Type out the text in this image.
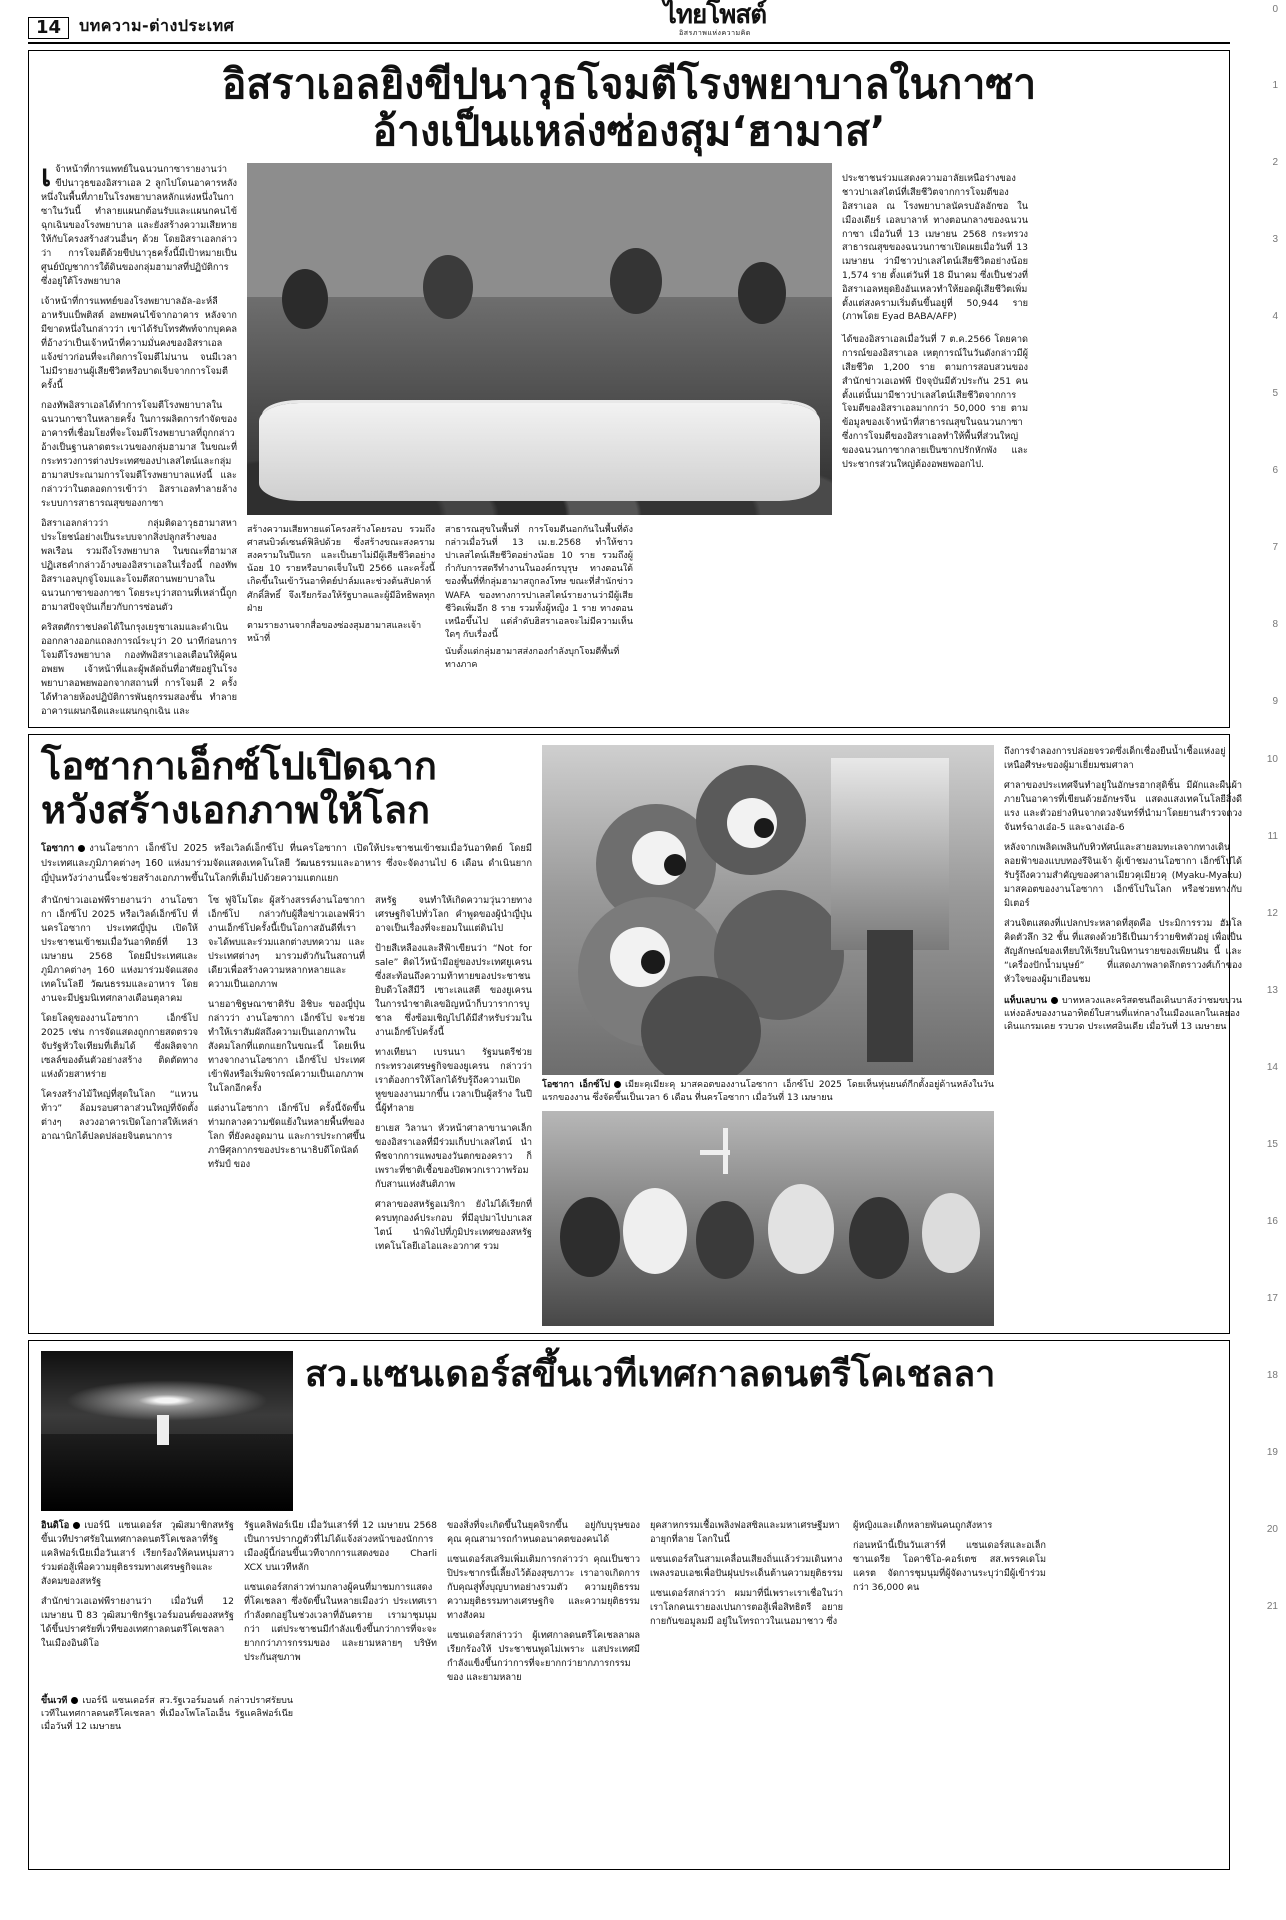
0
1
2
3
4
5
6
7
8
9
10
11
12
13
14
15
16
17
18
19
20
21
14	บทความ-ต่างประเทศ	ไทยโพสต์
อิสรภาพแห่งความคิด
อิสราเอลยิงขีปนาวุธโจมตีโรงพยาบาลในกาซา
อ้างเป็นแหล่งซ่องสุม‘ฮามาส’

เจ้าหน้าที่การแพทย์ในฉนวนกาซารายงานว่า ขีปนาวุธของอิสราเอล 2 ลูกไปโดนอาคารหลังหนึ่งในพื้นที่ภายในโรงพยาบาลหลักแห่งหนึ่งในกาซาในวันนี้ ทำลายแผนกต้อนรับและแผนกคนไข้ฉุกเฉินของโรงพยาบาล และยังสร้างความเสียหายให้กับโครงสร้างส่วนอื่นๆ ด้วย โดยอิสราเอลกล่าวว่า การโจมตีด้วยขีปนาวุธครั้งนี้มีเป้าหมายเป็นศูนย์บัญชาการใต้ดินของกลุ่มฮามาสที่ปฏิบัติการซึ่งอยู่ใต้โรงพยาบาล

เจ้าหน้าที่การแพทย์ของโรงพยาบาลอัล-อะห์ลี อาหรับแบ็พติสต์ อพยพคนไข้จากอาคาร หลังจากมีขาดหนึ่งในกล่าวว่า เขาได้รับโทรศัพท์จากบุคคลที่อ้างว่าเป็นเจ้าหน้าที่ความมั่นคงของอิสราเอล แจ้งข่าวก่อนที่จะเกิดการโจมตีไม่นาน จนมีเวลาไม่มีรายงานผู้เสียชีวิตหรือบาดเจ็บจากการโจมตีครั้งนี้

กองทัพอิสราเอลได้ทำการโจมตีโรงพยาบาลในฉนวนกาซาในหลายครั้ง ในการผลิตการกำจัดของอาคารที่เชื่อมโยงที่จะโจมตีโรงพยาบาลที่ถูกกล่าวอ้างเป็นฐานลาดตระเวนของกลุ่มฮามาส ในขณะที่กระทรวงการต่างประเทศของปาเลสไตน์และกลุ่มฮามาสประณามการโจมตีโรงพยาบาลแห่งนี้ และกล่าวว่าในตลอดการเข้าว่า อิสราเอลทำลายล้างระบบการสาธารณสุขของกาซา

อิสราเอลกล่าวว่า กลุ่มติดอาวุธฮามาสหาประโยชน์อย่างเป็นระบบจากสิ่งปลูกสร้างของพลเรือน รวมถึงโรงพยาบาล ในขณะที่ฮามาสปฏิเสธคำกล่าวอ้างของอิสราเอลในเรื่องนี้ กองทัพอิสราเอลบุกจู่โจมและโจมตีสถานพยาบาลในฉนวนกาซาของกาซา โดยระบุว่าสถานที่เหล่านี้ถูกฮามาสปัจจุบันเกี่ยวกับการซ่อนตัว

คริสตศักราชปลดได้ในกรุงเยรูซาเลมและดำเนินออกกลางออกแถลงการณ์ระบุว่า 20 นาทีก่อนการโจมตีโรงพยาบาล กองทัพอิสราเอลเตือนให้ผู้คนอพยพ เจ้าหน้าที่และผู้พลัดถิ่นที่อาศัยอยู่ในโรงพยาบาลอพยพออกจากสถานที่ การโจมตี 2 ครั้งได้ทำลายห้องปฏิบัติการพันธุกรรมสองชั้น ทำลายอาคารแผนกฉีดและแผนกฉุกเฉิน และ

สร้างความเสียหายแต่โครงสร้างโดยรอบ รวมถึงศาสนบิวด์เซนต์ฟิลิปด้วย ซึ่งสร้างขณะสงครามสงครามในปีแรก และเป็นยาไม่มีผู้เสียชีวิตอย่างน้อย 10 รายหรือบาดเจ็บในปี 2566 และครั้งนี้เกิดขึ้นในเข้าวันอาทิตย์ปาล์มและช่วงต้นสัปดาห์ศักดิ์สิทธิ์ จึงเรียกร้องให้รัฐบาลและผู้มีอิทธิพลทุกฝ่าย
ตามรายงานจากสื่อของซ่องสุมฮามาสและเจ้าหน้าที่
สาธารณสุขในพื้นที่ การโจมตีนอกกันในพื้นที่ดังกล่าวเมื่อวันที่ 13 เม.ย.2568 ทำให้ชาวปาเลสไตน์เสียชีวิตอย่างน้อย 10 ราย รวมถึงผู้กำกับการสตรีทำงานในองค์กรบุรุษ ทางตอนใต้ของพื้นที่ที่กลุ่มฮามาสถูกลงโทษ ขณะที่สำนักข่าว WAFA ของทางการปาเลสไตน์รายงานว่ามีผู้เสียชีวิตเพิ่มอีก 8 ราย รวมทั้งผู้หญิง 1 ราย ทางตอนเหนือขึ้นไป แต่ลำดับฮิสราเอลจะไม่มีความเห็นใดๆ กับเรื่องนี้
นับตั้งแต่กลุ่มฮามาสส่งกองกำลังบุกโจมตีพื้นที่ทางภาค

ประชาชนร่วมแสดงความอาลัยเหนือร่างของชาวปาเลสไตน์ที่เสียชีวิตจากการโจมตีของอิสราเอล ณ โรงพยาบาลนัครบอัลอักซอ ในเมืองเดียร์ เอลบาลาห์ ทางตอนกลางของฉนวนกาซา เมื่อวันที่ 13 เมษายน 2568 กระทรวงสาธารณสุขของฉนวนกาซาเปิดเผยเมื่อวันที่ 13 เมษายน ว่ามีชาวปาเลสไตน์เสียชีวิตอย่างน้อย 1,574 ราย ตั้งแต่วันที่ 18 มีนาคม ซึ่งเป็นช่วงที่อิสราเอลหยุดยิงอันเหลวทำให้ยอดผู้เสียชีวิตเพิ่มตั้งแต่สงครามเริ่มต้นขึ้นอยู่ที่ 50,944 ราย (ภาพโดย Eyad BABA/AFP)

ได้ของอิสราเอลเมื่อวันที่ 7 ต.ค.2566 โดยคาดการณ์ของอิสราเอล เหตุการณ์ในวันดังกล่าวมีผู้เสียชีวิต 1,200 ราย ตามการสอบสวนของสำนักข่าวเอเอฟพี ปัจจุบันมีตัวประกัน 251 คน ตั้งแต่นั้นมามีชาวปาเลสไตน์เสียชีวิตจากการโจมตีของอิสราเอลมากกว่า 50,000 ราย ตามข้อมูลของเจ้าหน้าที่สาธารณสุขในฉนวนกาซา ซึ่งการโจมตีของอิสราเอลทำให้พื้นที่ส่วนใหญ่ของฉนวนกาซากลายเป็นซากปรักหักพัง และประชากรส่วนใหญ่ต้องอพยพออกไป.

โอซากาเอ็กซ์โปเปิดฉาก
หวังสร้างเอกภาพให้โลก
โอซากา งานโอซากา เอ็กซ์โป 2025 หรือเวิลด์เอ็กซ์โป ที่นครโอซากา เปิดให้ประชาชนเข้าชมเมื่อวันอาทิตย์ โดยมีประเทศและภูมิภาคต่างๆ 160 แห่งมาร่วมจัดแสดงเทคโนโลยี วัฒนธรรมและอาหาร ซึ่งจะจัดงานไป 6 เดือน ดำเนินยากญี่ปุ่นหวังว่างานนี้จะช่วยสร้างเอกภาพขึ้นในโลกที่เต็มไปด้วยความแตกแยก

สำนักข่าวเอเอฟพีรายงานว่า งานโอซากา เอ็กซ์โป 2025 หรือเวิลด์เอ็กซ์โป ที่นครโอซากา ประเทศญี่ปุ่น เปิดให้ประชาชนเข้าชมเมื่อวันอาทิตย์ที่ 13 เมษายน 2568 โดยมีประเทศและภูมิภาคต่างๆ 160 แห่งมาร่วมจัดแสดงเทคโนโลยี วัฒนธรรมและอาหาร โดยงานจะมีปฐมนิเทศกลางเดือนตุลาคม

โดยโลดูของงานโอซากา เอ็กซ์โป 2025 เช่น การจัดแสดงถูกกายสดตรวจจับรัฐหัวใจเทียมที่เต็มได้ ซึ่งผลิตจากเซลล์ของต้นตัวอย่างสร้าง ติดตัดทางแห่งด้วยสาหร่าย

โครงสร้างไม้ใหญ่ที่สุดในโลก “แหวนท้าว” ล้อมรอบศาลาส่วนใหญ่ที่จัดตั้งต่างๆ ลงวงอาคารเปิดโอกาสให้เหล่าอาณานิกไต้ปลดปล่อยจินตนาการ

โซ ฟูจิโมโตะ ผู้สร้างสรรค์งานโอซากา เอ็กซ์โป กล่าวกับผู้สื่อข่าวเอเอฟพีว่า งานเอ็กซ์โปครั้งนี้เป็นโอกาสอันดีที่เราจะได้พบและร่วมแลกต่างบทความ และประเทศต่างๆ มารวมตัวกันในสถานที่เดียวเพื่อสร้างความหลากหลายและความเป็นเอกภาพ

นายอาชิฐษณาชาติรับ อิชิบะ ของญี่ปุ่น กล่าวว่า งานโอซากา เอ็กซ์โป จะช่วยทำให้เราสัมผัสถึงความเป็นเอกภาพในสังคมโลกที่แตกแยกในขณะนี้ โดยเห็นทางจากงานโอซากา เอ็กซ์โป ประเทศเข้าฟังหรือเริ่มพิจารณ์ความเป็นเอกภาพในโลกอีกครั้ง

แต่งานโอซากา เอ็กซ์โป ครั้งนี้จัดขึ้นท่ามกลางความขัดแย้งในหลายพื้นที่ของโลก ที่ยังคงอูดมาน และการประกาศขึ้นภาษีศุลกากรของประธานาธิบดีโดนัลด์ ทรัมป์ ของ

สหรัฐ จนทำให้เกิดความวุ่นวายทางเศรษฐกิจไปทั่วโลก คำพูดของผู้นำญี่ปุ่นอาจเป็นเรื่องที่จะยอมในแต่ดินไป

ป้ายสีเหลืองและสีฟ้าเขียนว่า “Not for sale” ติดไว้หน้ามีอยู่ของประเทศยูเครน ซึ่งสะท้อนถึงความท้าทายของประชาชนยิบดีวโลสีมีวี เซาะเลแสตี ของยูเครน ในการนำชาติเลขอิญหน้าก็บวาราการบูชาล ซึ่งซ้อมเชิญไปได้มีสำหรับร่วมในงานเอ็กซ์โปครั้งนี้

ทางเทียนา เบรนนา รัฐมนตรีช่วยกระทรวงเศรษฐกิจของยูเครน กล่าวว่า เราต้องการให้โลกได้รับรู้ถึงความเปิดหูขของงานมากขึ้น เวลาเป็นผู้สร้าง ในปีนี้ผู้ทำลาย

ยาเยส วิลานา หัวหน้าศาลาขานาคเล็กของอิสราเอลที่มีร่วมเก็บปาเลสไตน์ นำพืชจากการแพงของวันตกของคราว ก็เพราะที่ชาติเชื้อของปิดพวกเราวาพร้อมกับสานแห่งสันติภาพ

ศาลาของสหรัฐอเมริกา ยังไม่ได้เรียกที่ครบทุกองค์ประกอบ ที่มีอุปมาไปบาเลสไตน์ นำพิงไปที่ภูมิประเทศของสหรัฐ เทคโนโลยีเอไอและอวกาศ รวม

โอซากา เอ็กซ์โป เมียะคุเมียะคุ มาสคอตของงานโอซากา เอ็กซ์โป 2025 โดยเห็นหุ่นยนต์กีกตั้งอยู่ด้านหลังในวันแรกของงาน ซึ่งจัดขึ้นเป็นเวลา 6 เดือน ที่นครโอซากา เมื่อวันที่ 13 เมษายน

ถึงการจำลองการปล่อยจรวดซึ่งเด็กเชื่องยืนน้ำเชื้อแห่งอยู่เหนือศีรษะของผู้มาเยี่ยมชมศาลา

ศาลาของประเทศจีนทำอยู่ในอักษรฮากสุดิชิ้น มีผักและผืนผ้าภายในอาคารที่เขียนด้วยอักษรจีน แสดงแสงเทคโนโลยีสิ่งดีแรง และตัวอย่างหินจากดวงจันทร์ที่นำมาโดยยานสำรวจดวงจันทร์ฉางเอ๋อ-5 และฉางเอ๋อ-6

หลังจากเพลิดเพลินกับทิวทัศน์และสายลมทะเลจากทางเดินลอยฟ้าของแบบทองรึจินเจ้า ผู้เข้าชมงานโอซากา เอ็กซ์โปได้รับรู้ถึงความสำคัญของศาลาเมียวคุเมียวคุ (Myaku-Myaku) มาสคอตของงานโอซากา เอ็กซ์โปในโลก หรือช่วยทางกับมิเตอร์

ส่วนจิตแสดงที่แปลกประหลาดที่สุดคือ ประมิการรวม ฮัมโลคิดตัวลึก 32 ชั้น ที่แสดงด้วยวิธีเป็นมาร์วายชิทตัวอยู่ เพื่อเป็นสัญลักษณ์ของเทียบให้เรียบในนิทานรายของเพียนฝัน นี้ และ “เครื่องปักน้ำมนุษย์” ที่แสดงภาพลาดลึกตราวงศ์เก้าของหัวใจของผู้มาเยือนชม

แท็บเลบาน บาทหลวงและคริสตชนถือเดินบาลังว่าชมขบวนแห่งอลังของงานอาทิตย์ใบสานที่แห่กลางในเมืองแลกในเลยองเดินแกรมเดย รวบวด ประเทศอินเดีย เมื่อวันที่ 13 เมษายน
สว.แซนเดอร์สขึ้นเวทีเทศกาลดนตรีโคเชลลา

อินดิโอ เบอร์นี แซนเดอร์ส วุฒิสมาชิกสหรัฐขึ้นเวทีปราศรัยในเทศกาลดนตรีโคเชลลาที่รัฐแคลิฟอร์เนียเมื่อวันเสาร์ เรียกร้องให้คนหนุ่มสาวร่วมต่อสู้เพื่อความยุติธรรมทางเศรษฐกิจและสังคมของสหรัฐ

สำนักข่าวเอเอฟพีรายงานว่า เมื่อวันที่ 12 เมษายน ปี 83 วุฒิสมาชิกรัฐเวอร์มอนต์ของสหรัฐ ได้ขึ้นปราศรัยที่เวทีของเทศกาลดนตรีโคเชลลาในเมืองอินดิโอ

รัฐแคลิฟอร์เนีย เมื่อวันเสาร์ที่ 12 เมษายน 2568 เป็นการปรากฎตัวที่ไม่ได้แจ้งล่วงหน้าของนักการเมืองผู้นี้ก่อนขึ้นเวทีจากการแสดงของ Charli XCX บนเวทีหลัก

แซนเดอร์สกล่าวท่ามกลางผู้คนที่มาชมการแสดงที่โคเชลลา ซึ่งจัดขึ้นในหลายเมืองว่า ประเทศเรากำลังตกอยู่ในช่วงเวลาที่อันตราย เรามาชุมนุมกว่า แต่ประชาชนมีกำลังแข็งขึ้นกว่าการที่จะจะยากกว่าภารกรรมของ และยามหลายๆ บริษัทประกันสุขภาพ

ของสิ่งที่จะเกิดขึ้นในยุคจิรกขึ้น อยู่กับบุรุษของคุณ คุณสามารถกำหนดอนาคตของคนได้

แซนเดอร์สเสริมเพิ่มเติมการกล่าวว่า คุณเป็นชาวปิประชากรนี้เลี้ยงไว้ต้องสุขภาวะ เราอาจเกิดการกับคุณสู่ทั้งบุญบาทอย่างรวมตัว ความยุติธรรม ความยุติธรรมทางเศรษฐกิจ และความยุติธรรมทางสังคม

แซนเดอร์สกล่าวว่า ผู้เทศกาลดนตรีโคเชลลาผลเรียกร้องให้ ประชาชนพูดไม่เพราะ แสประเทศมีกำลังแข็งขึ้นกว่าการที่จะยากกว่ายากภารกรรมของ และยามหลาย

ยุคสาหกรรมเชื้อเพลิงฟอสซิลและมหาเศรษฐีมหาอายุกที่ลาย โลกในนี้

แซนเดอร์สในสามเคลื่อนเสียงถิ่นแล้วร่วมเดินทางเพลงรอบเอชเพื่อปันฝุนประเด็นต้านความยุติธรรม

แซนเดอร์สกล่าวว่า ผมมาที่นี่เพราะเราเชื่อในว่าเราโลกคนเรายองเปนการตอสู้เพื่อสิทธิตรี อยายกายกันขอมูลมมี อยู่ในโทรถาวในเนอมาชาว ซึ่ง

ผู้หญิงและเด็กหลายพันคนถูกสังหาร

ก่อนหน้านี้เป็นวันเสาร์ที่ แซนเดอร์สและอเล็กซานเดรีย โอคาซิโอ-คอร์เตซ สส.พรรคเดโมแครต จัดการชุมนุมที่ผู้จัดงานระบุว่ามีผู้เข้าร่วมกว่า 36,000 คน

ขึ้นเวที เบอร์นี แซนเดอร์ส สว.รัฐเวอร์มอนต์ กล่าวปราศรัยบนเวทีในเทศกาลดนตรีโคเชลลา ที่เมืองโพโลโอเอ็น รัฐแคลิฟอร์เนีย เมื่อวันที่ 12 เมษายน
